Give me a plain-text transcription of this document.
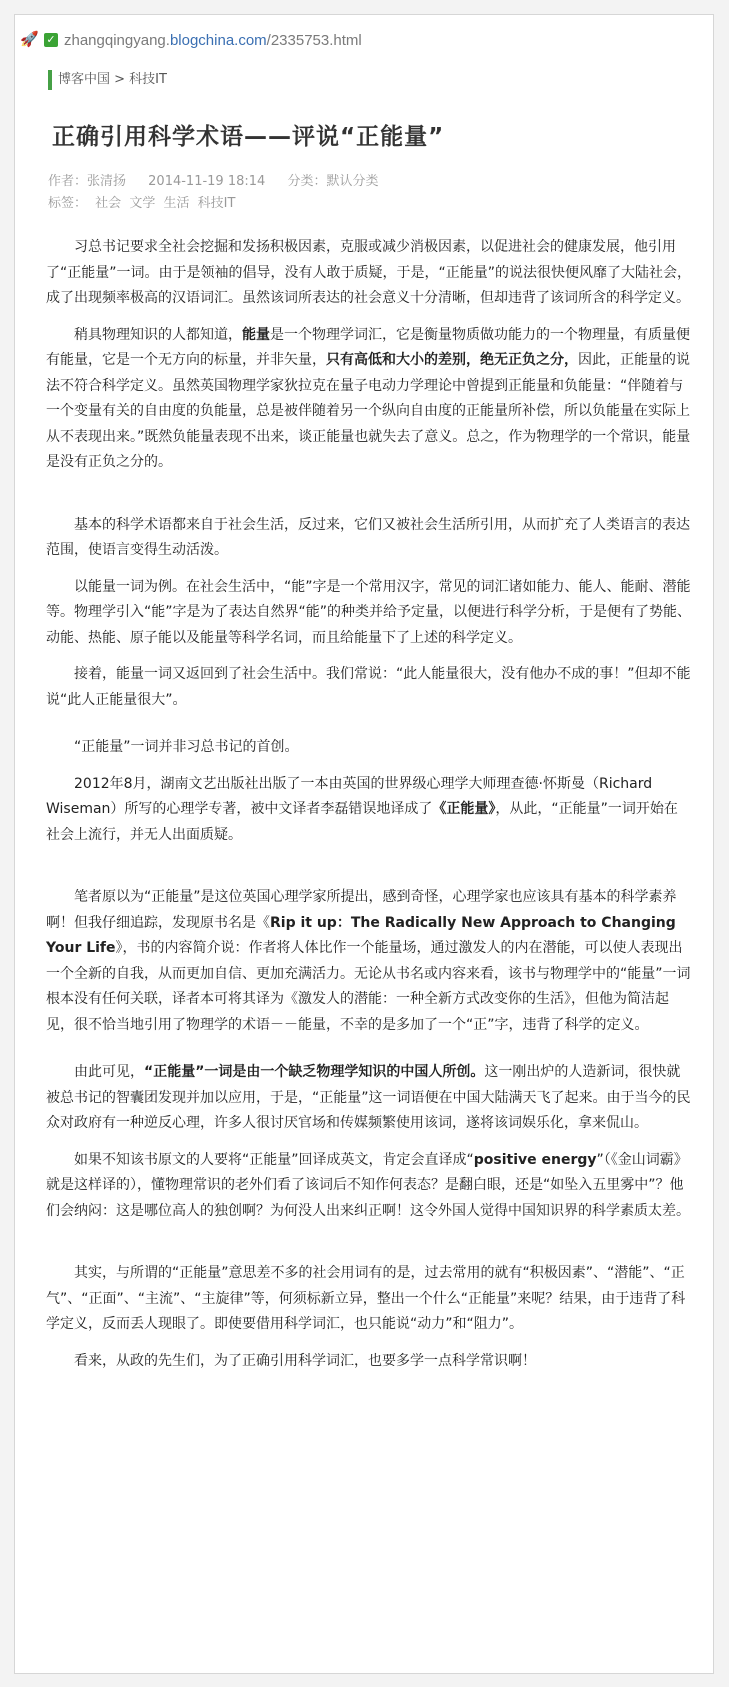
🚀 ✓ zhangqingyang. blogchina.com /2335753.html
博客中国 > 科技IT
正确引用科学术语——评说“正能量”
作者：张清扬 2014-11-19 18:14 分类：默认分类
标签： 社会 文学 生活 科技IT

习总书记要求全社会挖掘和发扬积极因素，克服或减少消极因素，以促进社会的健康发展，他引用了“正能量”一词。由于是领袖的倡导，没有人敢于质疑，于是，“正能量”的说法很快便风靡了大陆社会，成了出现频率极高的汉语词汇。虽然该词所表达的社会意义十分清晰，但却违背了该词所含的科学定义。

稍具物理知识的人都知道，能量是一个物理学词汇，它是衡量物质做功能力的一个物理量，有质量便有能量，它是一个无方向的标量，并非矢量，只有高低和大小的差别，绝无正负之分，因此，正能量的说法不符合科学定义。虽然英国物理学家狄拉克在量子电动力学理论中曾提到正能量和负能量：“伴随着与一个变量有关的自由度的负能量，总是被伴随着另一个纵向自由度的正能量所补偿，所以负能量在实际上从不表现出来。”既然负能量表现不出来，谈正能量也就失去了意义。总之，作为物理学的一个常识，能量是没有正负之分的。

基本的科学术语都来自于社会生活，反过来，它们又被社会生活所引用，从而扩充了人类语言的表达范围，使语言变得生动活泼。

以能量一词为例。在社会生活中，“能”字是一个常用汉字，常见的词汇诸如能力、能人、能耐、潜能等。物理学引入“能”字是为了表达自然界“能”的种类并给予定量，以便进行科学分析，于是便有了势能、动能、热能、原子能以及能量等科学名词，而且给能量下了上述的科学定义。

接着，能量一词又返回到了社会生活中。我们常说：“此人能量很大，没有他办不成的事！”但却不能说“此人正能量很大”。

“正能量”一词并非习总书记的首创。

2012年8月，湖南文艺出版社出版了一本由英国的世界级心理学大师理查德·怀斯曼（Richard Wiseman）所写的心理学专著，被中文译者李磊错误地译成了《正能量》，从此，“正能量”一词开始在社会上流行，并无人出面质疑。

笔者原以为“正能量”是这位英国心理学家所提出，感到奇怪，心理学家也应该具有基本的科学素养啊！但我仔细追踪，发现原书名是《Rip it up：The Radically New Approach to Changing Your Life》，书的内容简介说：作者将人体比作一个能量场，通过激发人的内在潜能，可以使人表现出一个全新的自我，从而更加自信、更加充满活力。无论从书名或内容来看，该书与物理学中的“能量”一词根本没有任何关联，译者本可将其译为《激发人的潜能：一种全新方式改变你的生活》，但他为简洁起见，很不恰当地引用了物理学的术语－－能量，不幸的是多加了一个“正”字，违背了科学的定义。

由此可见，“正能量”一词是由一个缺乏物理学知识的中国人所创。这一刚出炉的人造新词，很快就被总书记的智囊团发现并加以应用，于是，“正能量”这一词语便在中国大陆满天飞了起来。由于当今的民众对政府有一种逆反心理，许多人很讨厌官场和传媒频繁使用该词，遂将该词娱乐化，拿来侃山。

如果不知该书原文的人要将“正能量”回译成英文，肯定会直译成“positive energy”（《金山词霸》就是这样译的），懂物理常识的老外们看了该词后不知作何表态？是翻白眼，还是“如坠入五里雾中”？他们会纳闷：这是哪位高人的独创啊？为何没人出来纠正啊！这令外国人觉得中国知识界的科学素质太差。

其实，与所谓的“正能量”意思差不多的社会用词有的是，过去常用的就有“积极因素”、“潜能”、“正气”、“正面”、“主流”、“主旋律”等，何须标新立异，整出一个什么“正能量”来呢？结果，由于违背了科学定义，反而丢人现眼了。即使要借用科学词汇，也只能说“动力”和“阻力”。

看来，从政的先生们，为了正确引用科学词汇，也要多学一点科学常识啊！
